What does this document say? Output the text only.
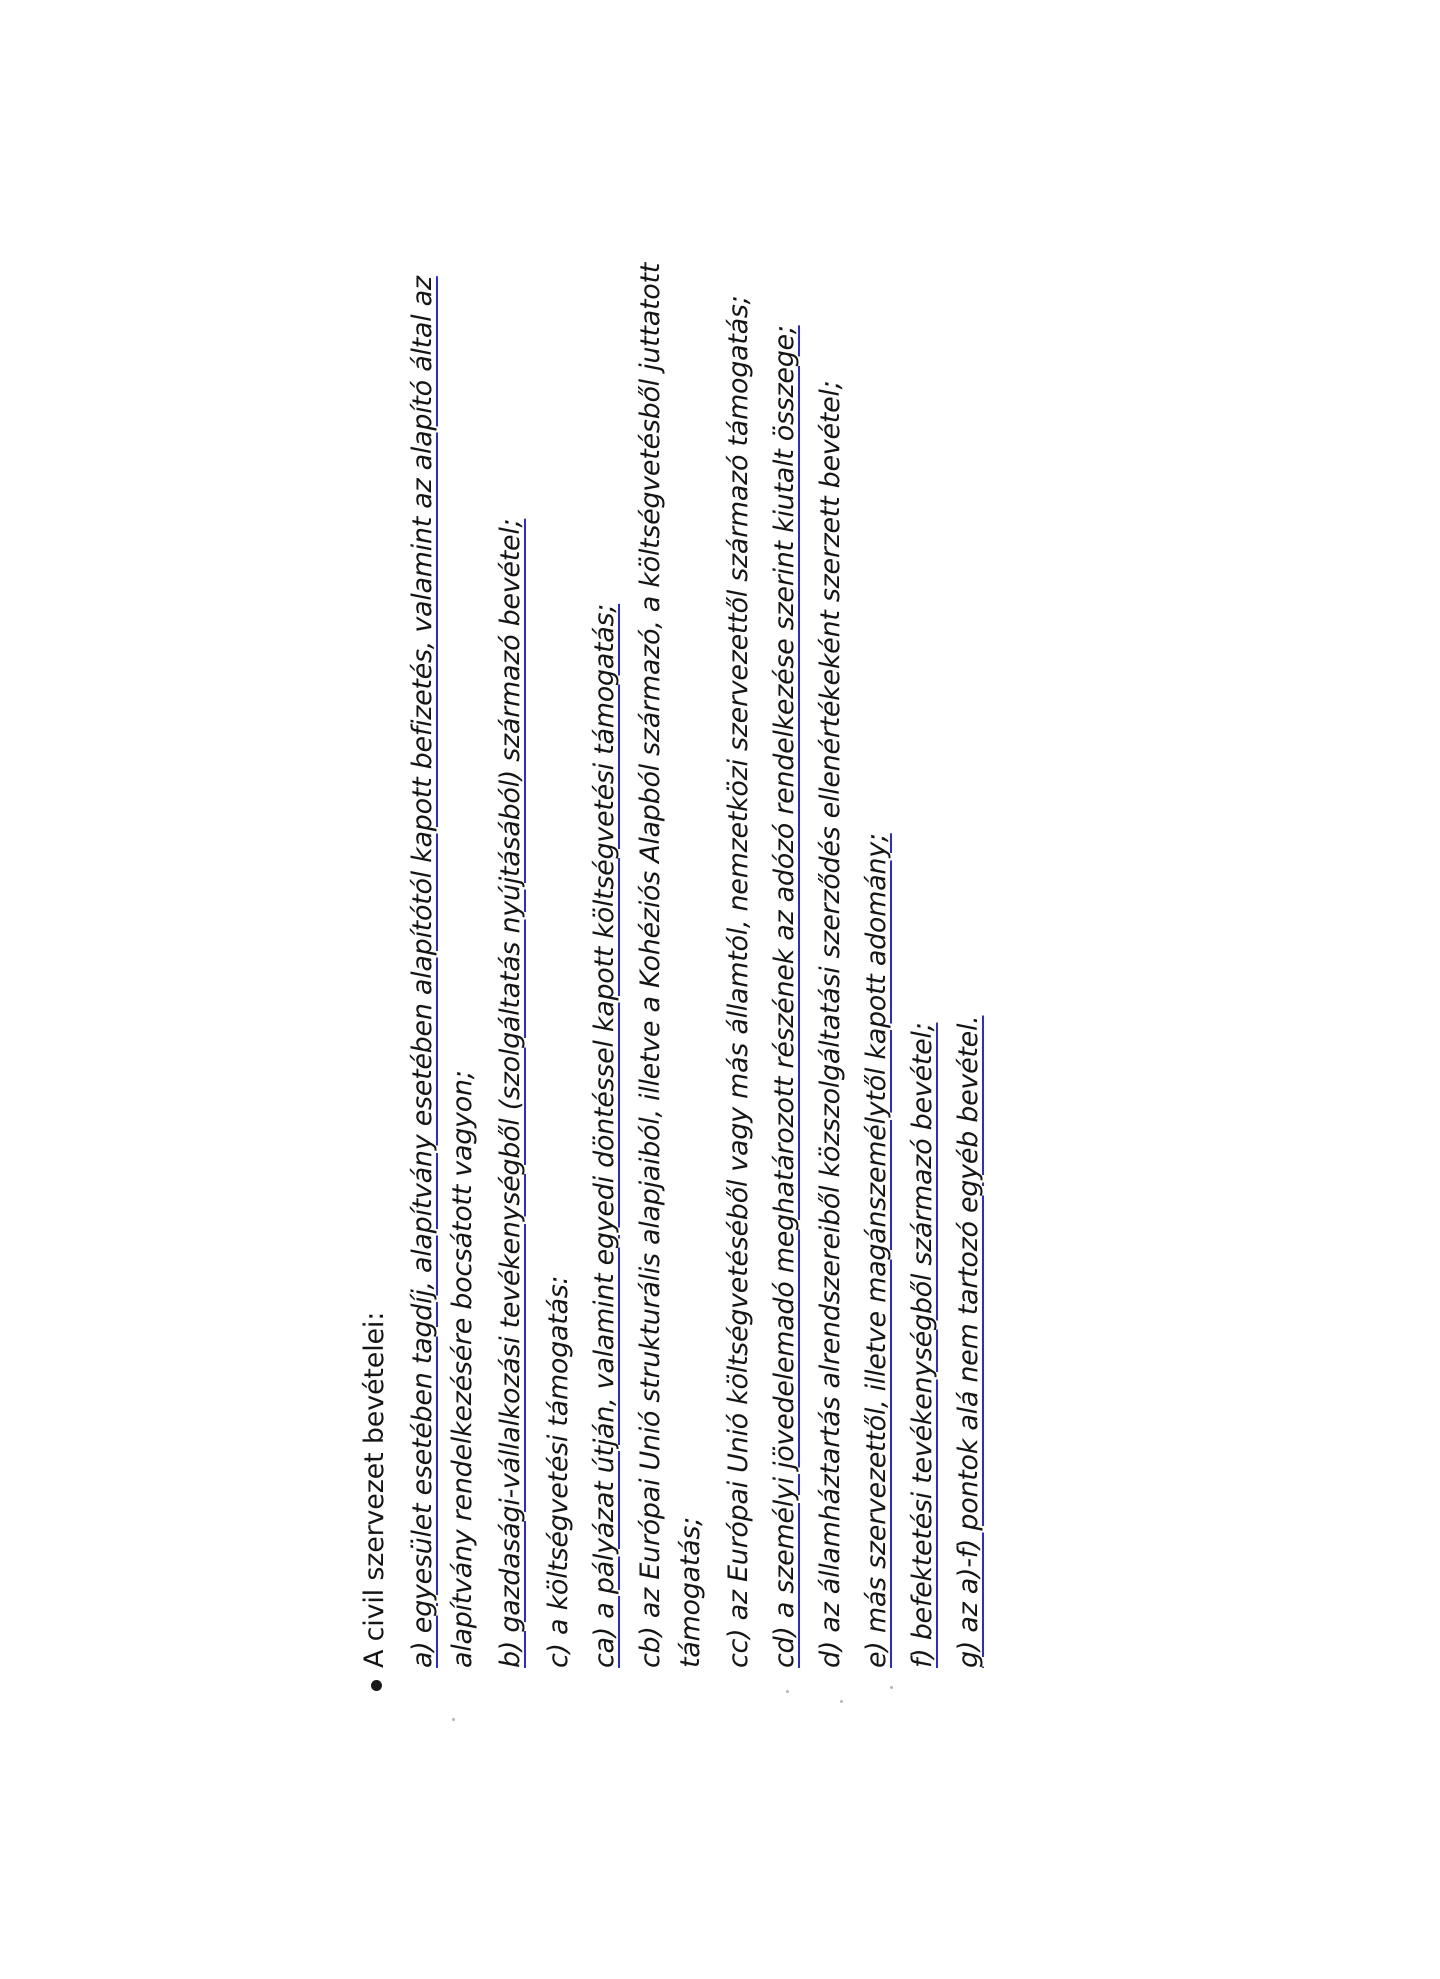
A civil szervezet bevételei: a) egyesület esetében tagdíj, alapítvány esetében alapítótól kapott befizetés, valamint az alapító által az alapítvány rendelkezésére bocsátott vagyon; b) gazdasági-vállalkozási tevékenységből (szolgáltatás nyújtásából) származó bevétel; c) a költségvetési támogatás: ca) a pályázat útján, valamint egyedi döntéssel kapott költségvetési támogatás; cb) az Európai Unió strukturális alapjaiból, illetve a Kohéziós Alapból származó, a költségvetésből juttatott támogatás; cc) az Európai Unió költségvetéséből vagy más államtól, nemzetközi szervezettől származó támogatás; cd) a személyi jövedelemadó meghatározott részének az adózó rendelkezése szerint kiutalt összege; d) az államháztartás alrendszereiből közszolgáltatási szerződés ellenértékeként szerzett bevétel; e) más szervezettől, illetve magánszemélytől kapott adomány; f) befektetési tevékenységből származó bevétel; g) az a)-f) pontok alá nem tartozó egyéb bevétel.
